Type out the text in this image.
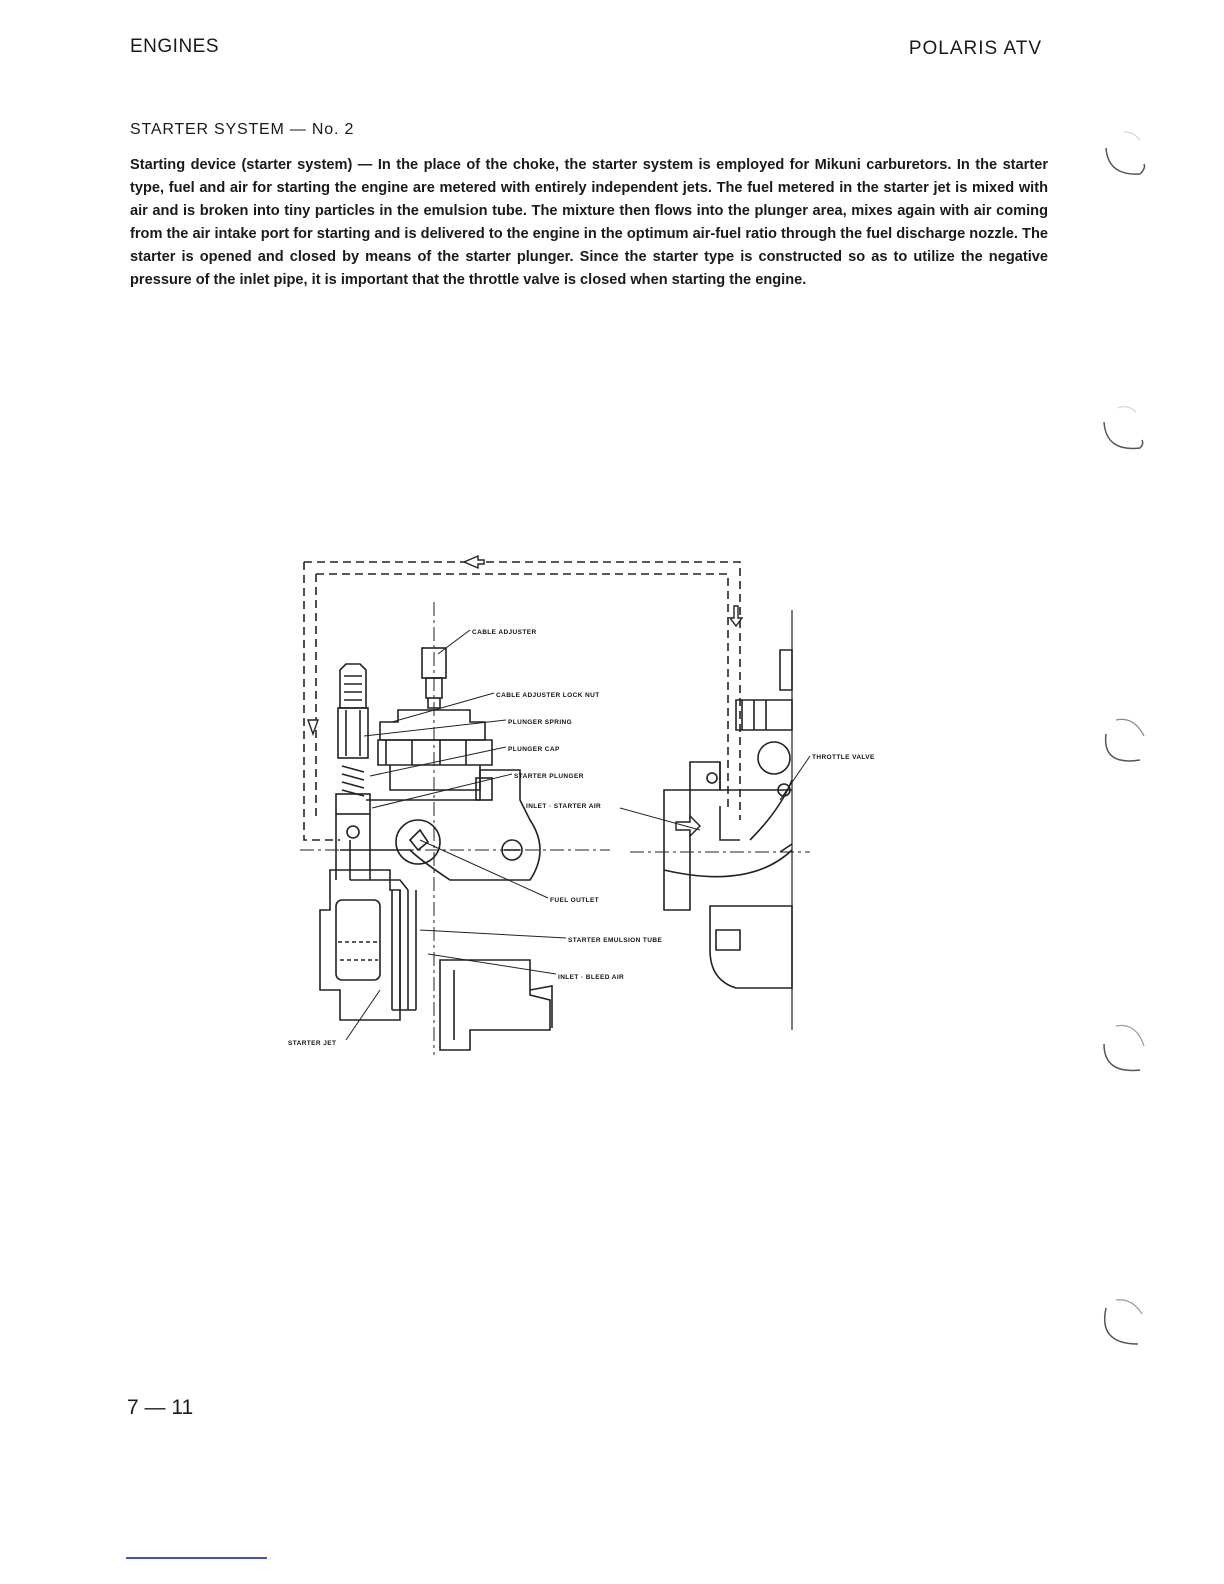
ENGINES	POLARIS ATV
STARTER SYSTEM — No. 2

Starting device (starter system) — In the place of the choke, the starter system is employed for Mikuni carburetors. In the starter type, fuel and air for starting the engine are metered with entirely independent jets. The fuel metered in the starter jet is mixed with air and is broken into tiny particles in the emulsion tube. The mixture then flows into the plunger area, mixes again with air coming from the air intake port for starting and is delivered to the engine in the optimum air-fuel ratio through the fuel discharge nozzle. The starter is opened and closed by means of the starter plunger. Since the starter type is constructed so as to utilize the negative pressure of the inlet pipe, it is important that the throttle valve is closed when starting the engine.

CABLE ADJUSTER
CABLE ADJUSTER LOCK NUT
PLUNGER SPRING
PLUNGER CAP
STARTER PLUNGER
INLET · STARTER AIR
FUEL OUTLET
STARTER EMULSION TUBE
INLET · BLEED AIR
STARTER JET
THROTTLE VALVE
7 — 11
